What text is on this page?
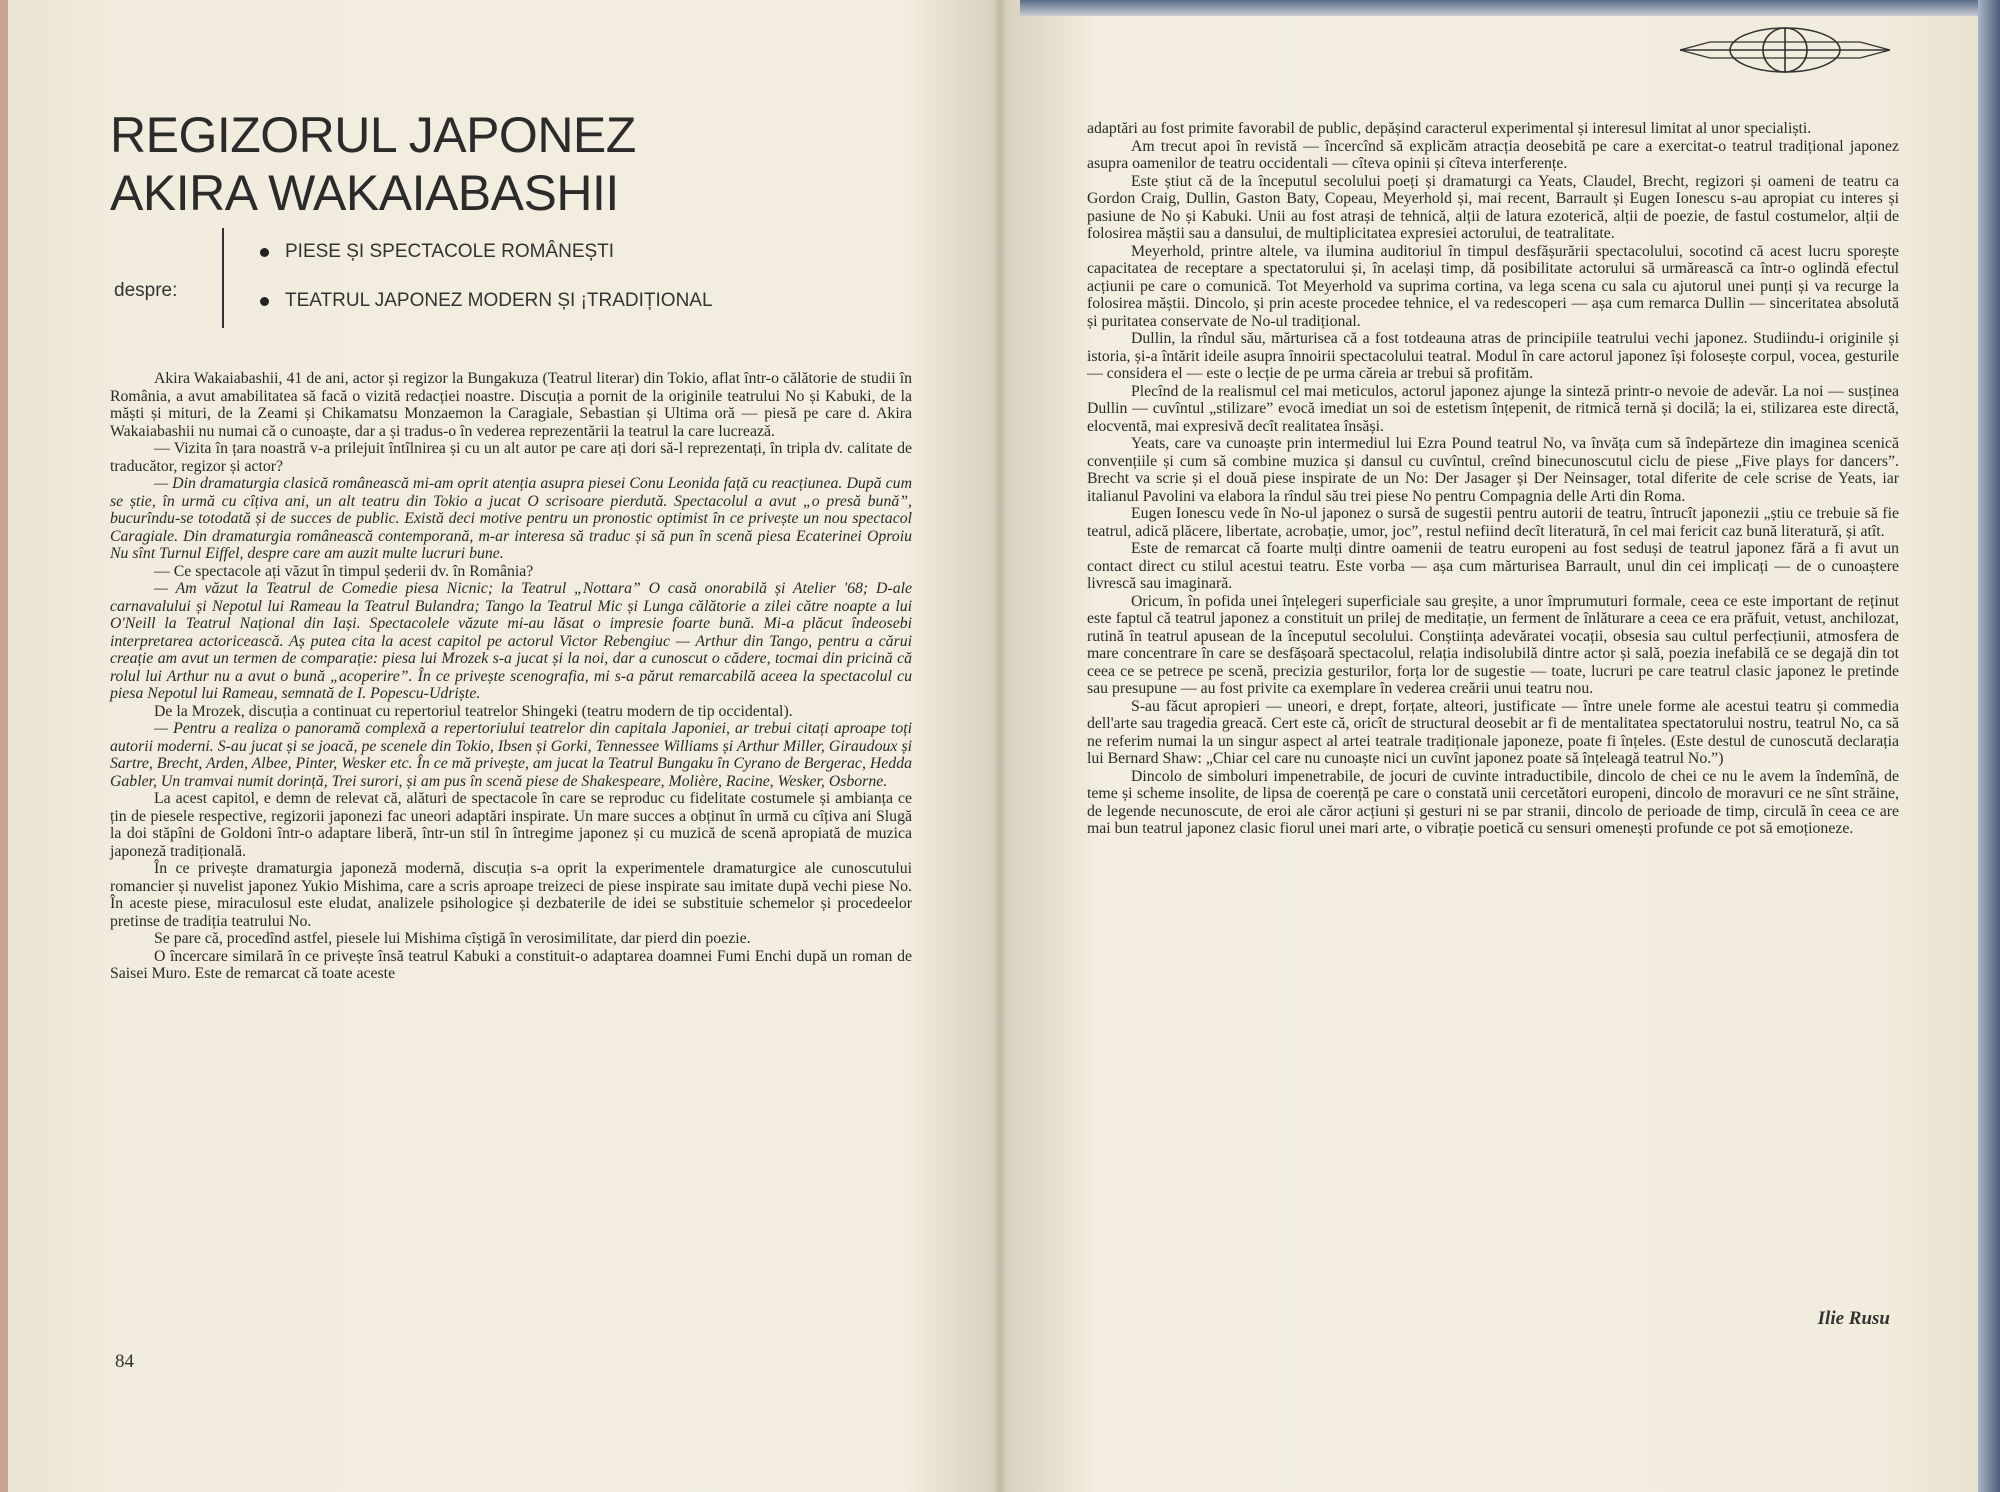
REGIZORUL JAPONEZ
AKIRA WAKAIABASHII
despre:
PIESE ȘI SPECTACOLE ROMÂNEȘTI
TEATRUL JAPONEZ MODERN ȘI ¡TRADIȚIONAL

Akira Wakaiabashii, 41 de ani, actor și regizor la Bungakuza (Teatrul literar) din Tokio, aflat într-o călătorie de studii în România, a avut amabilitatea să facă o vizită redacției noastre. Discuția a pornit de la originile teatrului No și Kabuki, de la măști și mituri, de la Zeami și Chikamatsu Monzaemon la Caragiale, Sebastian și Ultima oră — piesă pe care d. Akira Wakaiabashii nu numai că o cunoaște, dar a și tradus-o în vederea reprezentării la teatrul la care lucrează.

— Vizita în țara noastră v-a prilejuit întîlnirea și cu un alt autor pe care ați dori să-l reprezentați, în tripla dv. calitate de traducător, regizor și actor?

— Din dramaturgia clasică românească mi-am oprit atenția asupra piesei Conu Leonida față cu reacțiunea. După cum se știe, în urmă cu cîțiva ani, un alt teatru din Tokio a jucat O scrisoare pierdută. Spectacolul a avut „o presă bună”, bucurîndu-se totodată și de succes de public. Există deci motive pentru un pronostic optimist în ce privește un nou spectacol Caragiale. Din dramaturgia românească contemporană, m-ar interesa să traduc și să pun în scenă piesa Ecaterinei Oproiu Nu sînt Turnul Eiffel, despre care am auzit multe lucruri bune.

— Ce spectacole ați văzut în timpul șederii dv. în România?

— Am văzut la Teatrul de Comedie piesa Nicnic; la Teatrul „Nottara” O casă onorabilă și Atelier '68; D-ale carnavalului și Nepotul lui Rameau la Teatrul Bulandra; Tango la Teatrul Mic și Lunga călătorie a zilei către noapte a lui O'Neill la Teatrul Național din Iași. Spectacolele văzute mi-au lăsat o impresie foarte bună. Mi-a plăcut îndeosebi interpretarea actoricească. Aș putea cita la acest capitol pe actorul Victor Rebengiuc — Arthur din Tango, pentru a cărui creație am avut un termen de comparație: piesa lui Mrozek s-a jucat și la noi, dar a cunoscut o cădere, tocmai din pricină că rolul lui Arthur nu a avut o bună „acoperire”. În ce privește scenografia, mi s-a părut remarcabilă aceea la spectacolul cu piesa Nepotul lui Rameau, semnată de I. Popescu-Udriște.

De la Mrozek, discuția a continuat cu repertoriul teatrelor Shingeki (teatru modern de tip occidental).

— Pentru a realiza o panoramă complexă a repertoriului teatrelor din capitala Japoniei, ar trebui citați aproape toți autorii moderni. S-au jucat și se joacă, pe scenele din Tokio, Ibsen și Gorki, Tennessee Williams și Arthur Miller, Giraudoux și Sartre, Brecht, Arden, Albee, Pinter, Wesker etc. În ce mă privește, am jucat la Teatrul Bungaku în Cyrano de Bergerac, Hedda Gabler, Un tramvai numit dorință, Trei surori, și am pus în scenă piese de Shakespeare, Molière, Racine, Wesker, Osborne.

La acest capitol, e demn de relevat că, alături de spectacole în care se reproduc cu fidelitate costumele și ambianța ce țin de piesele respective, regizorii japonezi fac uneori adaptări inspirate. Un mare succes a obținut în urmă cu cîțiva ani Slugă la doi stăpîni de Goldoni într-o adaptare liberă, într-un stil în întregime japonez și cu muzică de scenă apropiată de muzica japoneză tradițională.

În ce privește dramaturgia japoneză modernă, discuția s-a oprit la experimentele dramaturgice ale cunoscutului romancier și nuvelist japonez Yukio Mishima, care a scris aproape treizeci de piese inspirate sau imitate după vechi piese No. În aceste piese, miraculosul este eludat, analizele psihologice și dezbaterile de idei se substituie schemelor și procedeelor pretinse de tradiția teatrului No.

Se pare că, procedînd astfel, piesele lui Mishima cîștigă în verosimilitate, dar pierd din poezie.

O încercare similară în ce privește însă teatrul Kabuki a constituit-o adaptarea doamnei Fumi Enchi după un roman de Saisei Muro. Este de remarcat că toate aceste

84

adaptări au fost primite favorabil de public, depășind caracterul experimental și interesul limitat al unor specialiști.

Am trecut apoi în revistă — încercînd să explicăm atracția deosebită pe care a exercitat-o teatrul tradițional japonez asupra oamenilor de teatru occidentali — cîteva opinii și cîteva interferențe.

Este știut că de la începutul secolului poeți și dramaturgi ca Yeats, Claudel, Brecht, regizori și oameni de teatru ca Gordon Craig, Dullin, Gaston Baty, Copeau, Meyerhold și, mai recent, Barrault și Eugen Ionescu s-au apropiat cu interes și pasiune de No și Kabuki. Unii au fost atrași de tehnică, alții de latura ezoterică, alții de poezie, de fastul costumelor, alții de folosirea măștii sau a dansului, de multiplicitatea expresiei actorului, de teatralitate.

Meyerhold, printre altele, va ilumina auditoriul în timpul desfășurării spectacolului, socotind că acest lucru sporește capacitatea de receptare a spectatorului și, în același timp, dă posibilitate actorului să urmărească ca într-o oglindă efectul acțiunii pe care o comunică. Tot Meyerhold va suprima cortina, va lega scena cu sala cu ajutorul unei punți și va recurge la folosirea măștii. Dincolo, și prin aceste procedee tehnice, el va redescoperi — așa cum remarca Dullin — sinceritatea absolută și puritatea conservate de No-ul tradițional.

Dullin, la rîndul său, mărturisea că a fost totdeauna atras de principiile teatrului vechi japonez. Studiindu-i originile și istoria, și-a întărit ideile asupra înnoirii spectacolului teatral. Modul în care actorul japonez își folosește corpul, vocea, gesturile — considera el — este o lecție de pe urma căreia ar trebui să profităm.

Plecînd de la realismul cel mai meticulos, actorul japonez ajunge la sinteză printr-o nevoie de adevăr. La noi — susținea Dullin — cuvîntul „stilizare” evocă imediat un soi de estetism înțepenit, de ritmică ternă și docilă; la ei, stilizarea este directă, elocventă, mai expresivă decît realitatea însăși.

Yeats, care va cunoaște prin intermediul lui Ezra Pound teatrul No, va învăța cum să îndepărteze din imaginea scenică convențiile și cum să combine muzica și dansul cu cuvîntul, creînd binecunoscutul ciclu de piese „Five plays for dancers”. Brecht va scrie și el două piese inspirate de un No: Der Jasager și Der Neinsager, total diferite de cele scrise de Yeats, iar italianul Pavolini va elabora la rîndul său trei piese No pentru Compagnia delle Arti din Roma.

Eugen Ionescu vede în No-ul japonez o sursă de sugestii pentru autorii de teatru, întrucît japonezii „știu ce trebuie să fie teatrul, adică plăcere, libertate, acrobație, umor, joc”, restul nefiind decît literatură, în cel mai fericit caz bună literatură, și atît.

Este de remarcat că foarte mulți dintre oamenii de teatru europeni au fost seduși de teatrul japonez fără a fi avut un contact direct cu stilul acestui teatru. Este vorba — așa cum mărturisea Barrault, unul din cei implicați — de o cunoaștere livrescă sau imaginară.

Oricum, în pofida unei înțelegeri superficiale sau greșite, a unor împrumuturi formale, ceea ce este important de reținut este faptul că teatrul japonez a constituit un prilej de meditație, un ferment de înlăturare a ceea ce era prăfuit, vetust, anchilozat, rutină în teatrul apusean de la începutul secolului. Conștiința adevăratei vocații, obsesia sau cultul perfecțiunii, atmosfera de mare concentrare în care se desfășoară spectacolul, relația indisolubilă dintre actor și sală, poezia inefabilă ce se degajă din tot ceea ce se petrece pe scenă, precizia gesturilor, forța lor de sugestie — toate, lucruri pe care teatrul clasic japonez le pretinde sau presupune — au fost privite ca exemplare în vederea creării unui teatru nou.

S-au făcut apropieri — uneori, e drept, forțate, alteori, justificate — între unele forme ale acestui teatru și commedia dell'arte sau tragedia greacă. Cert este că, oricît de structural deosebit ar fi de mentalitatea spectatorului nostru, teatrul No, ca să ne referim numai la un singur aspect al artei teatrale tradiționale japoneze, poate fi înțeles. (Este destul de cunoscută declarația lui Bernard Shaw: „Chiar cel care nu cunoaște nici un cuvînt japonez poate să înțeleagă teatrul No.”)

Dincolo de simboluri impenetrabile, de jocuri de cuvinte intraductibile, dincolo de chei ce nu le avem la îndemînă, de teme și scheme insolite, de lipsa de coerență pe care o constată unii cercetători europeni, dincolo de moravuri ce ne sînt străine, de legende necunoscute, de eroi ale căror acțiuni și gesturi ni se par stranii, dincolo de perioade de timp, circulă în ceea ce are mai bun teatrul japonez clasic fiorul unei mari arte, o vibrație poetică cu sensuri omenești profunde ce pot să emoționeze.

Ilie Rusu
